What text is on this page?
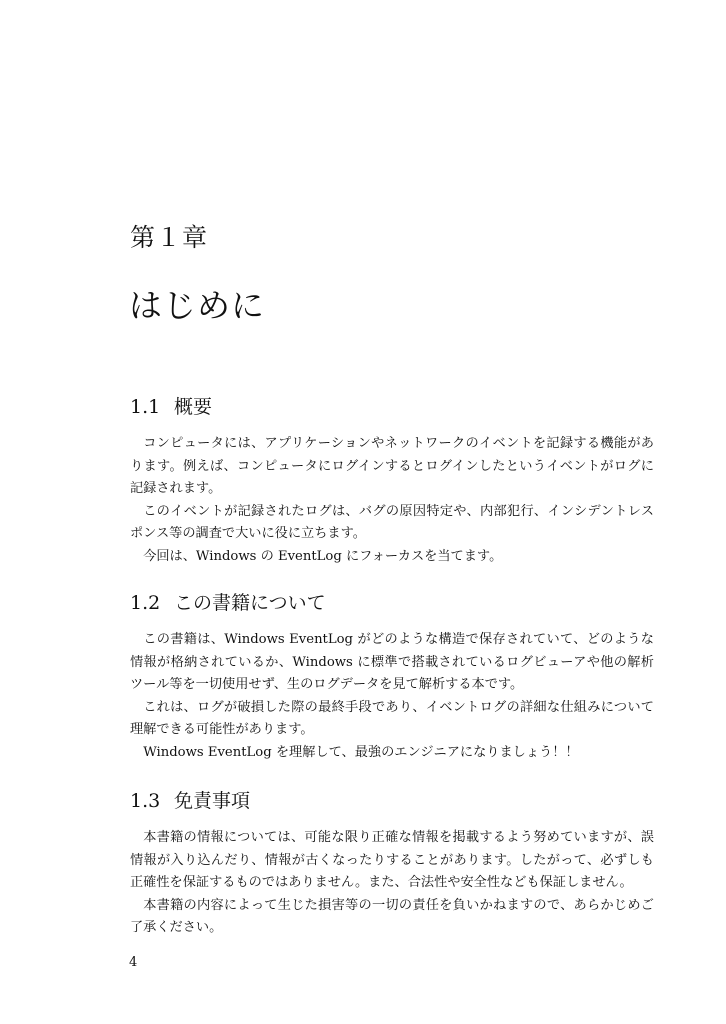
第１章
はじめに
1.1 概要

コンピュータには、アプリケーションやネットワークのイベントを記録する機能があります。例えば、コンピュータにログインするとログインしたというイベントがログに記録されます。

このイベントが記録されたログは、バグの原因特定や、内部犯行、インシデントレスポンス等の調査で大いに役に立ちます。

今回は、Windows の EventLog にフォーカスを当てます。

1.2 この書籍について

この書籍は、Windows EventLog がどのような構造で保存されていて、どのような情報が格納されているか、Windows に標準で搭載されているログビューアや他の解析ツール等を一切使用せず、生のログデータを見て解析する本です。

これは、ログが破損した際の最終手段であり、イベントログの詳細な仕組みについて理解できる可能性があります。

Windows EventLog を理解して、最強のエンジニアになりましょう！！

1.3 免責事項

本書籍の情報については、可能な限り正確な情報を掲載するよう努めていますが、誤情報が入り込んだり、情報が古くなったりすることがあります。したがって、必ずしも正確性を保証するものではありません。また、合法性や安全性なども保証しません。

本書籍の内容によって生じた損害等の一切の責任を負いかねますので、あらかじめご了承ください。

4
